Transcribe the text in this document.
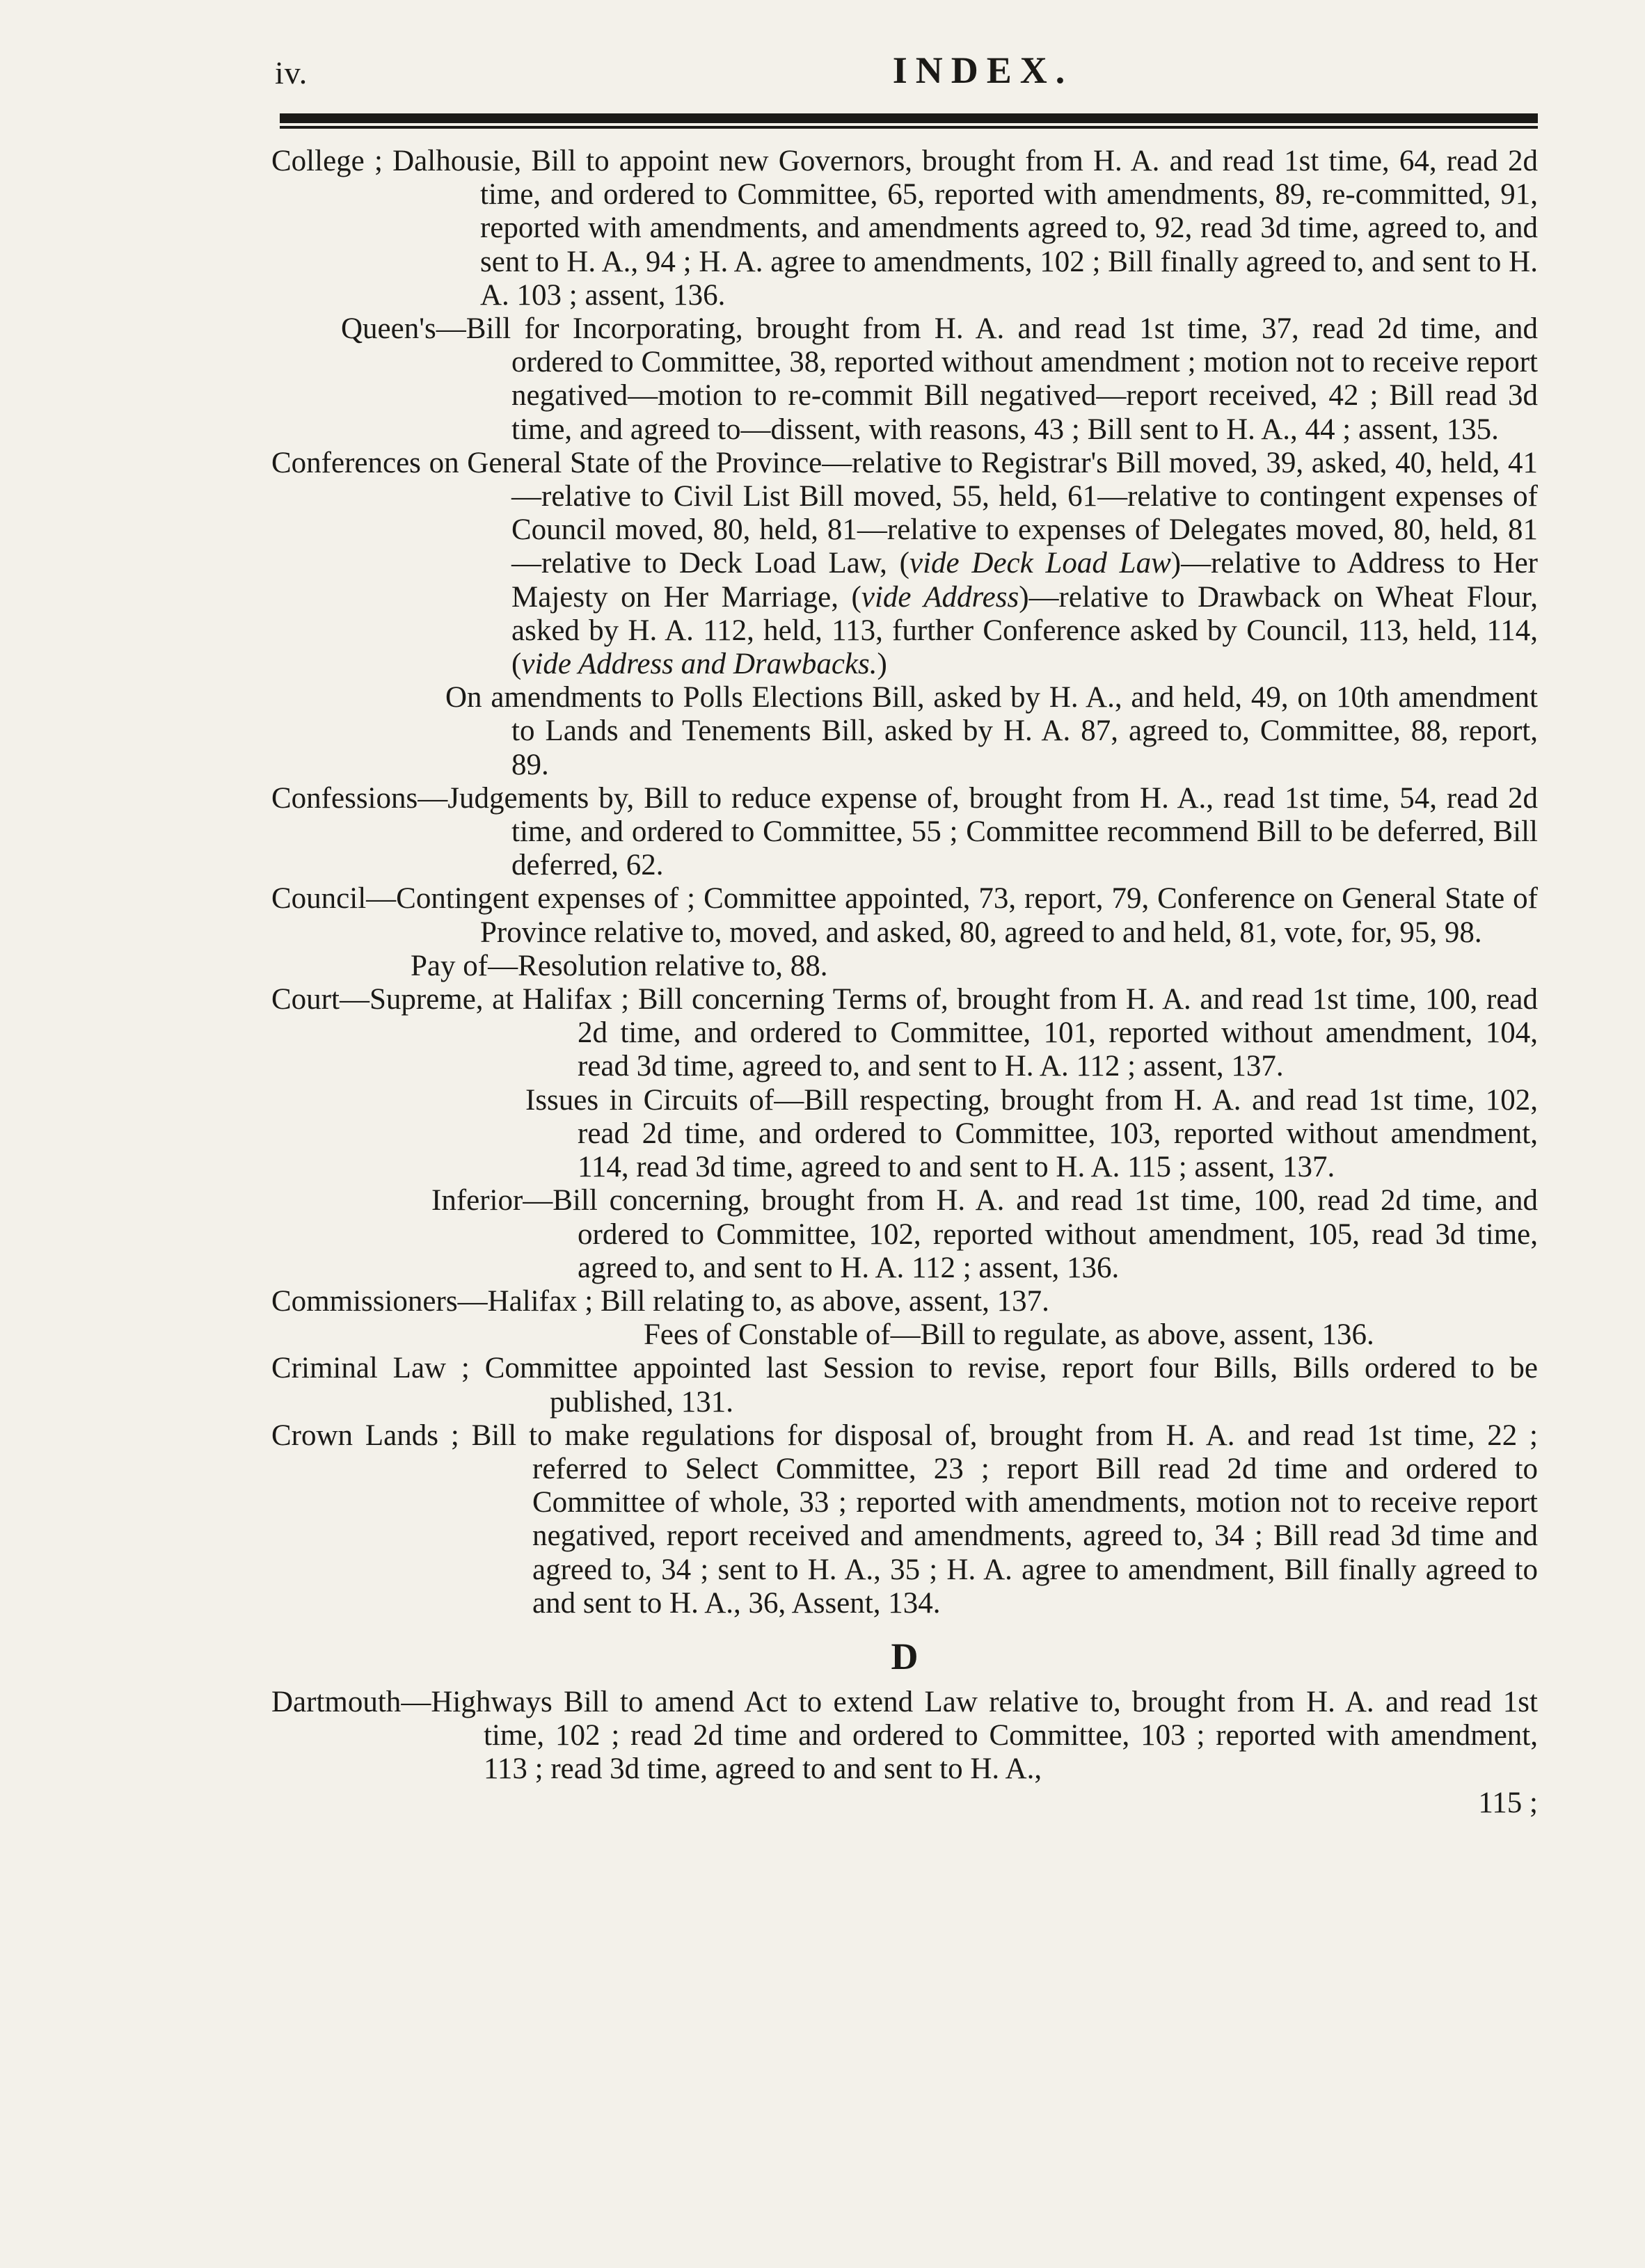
iv.	INDEX.

College ; Dalhousie, Bill to appoint new Governors, brought from H. A. and read 1st time, 64, read 2d time, and ordered to Committee, 65, reported with amendments, 89, re-committed, 91, reported with amendments, and amendments agreed to, 92, read 3d time, agreed to, and sent to H. A., 94 ; H. A. agree to amendments, 102 ; Bill finally agreed to, and sent to H. A. 103 ; assent, 136.

Queen's—Bill for Incorporating, brought from H. A. and read 1st time, 37, read 2d time, and ordered to Committee, 38, reported without amendment ; motion not to receive report negatived—motion to re-commit Bill negatived—report received, 42 ; Bill read 3d time, and agreed to—dissent, with reasons, 43 ; Bill sent to H. A., 44 ; assent, 135.

Conferences on General State of the Province—relative to Registrar's Bill moved, 39, asked, 40, held, 41—relative to Civil List Bill moved, 55, held, 61—relative to contingent expenses of Council moved, 80, held, 81—relative to expenses of Delegates moved, 80, held, 81—relative to Deck Load Law, (vide Deck Load Law)—relative to Address to Her Majesty on Her Marriage, (vide Address)—relative to Drawback on Wheat Flour, asked by H. A. 112, held, 113, further Conference asked by Council, 113, held, 114, (vide Address and Drawbacks.)

On amendments to Polls Elections Bill, asked by H. A., and held, 49, on 10th amendment to Lands and Tenements Bill, asked by H. A. 87, agreed to, Committee, 88, report, 89.

Confessions—Judgements by, Bill to reduce expense of, brought from H. A., read 1st time, 54, read 2d time, and ordered to Committee, 55 ; Committee recommend Bill to be deferred, Bill deferred, 62.

Council—Contingent expenses of ; Committee appointed, 73, report, 79, Conference on General State of Province relative to, moved, and asked, 80, agreed to and held, 81, vote, for, 95, 98.

Pay of—Resolution relative to, 88.

Court—Supreme, at Halifax ; Bill concerning Terms of, brought from H. A. and read 1st time, 100, read 2d time, and ordered to Committee, 101, reported without amendment, 104, read 3d time, agreed to, and sent to H. A. 112 ; assent, 137.

Issues in Circuits of—Bill respecting, brought from H. A. and read 1st time, 102, read 2d time, and ordered to Committee, 103, reported without amendment, 114, read 3d time, agreed to and sent to H. A. 115 ; assent, 137.

Inferior—Bill concerning, brought from H. A. and read 1st time, 100, read 2d time, and ordered to Committee, 102, reported without amendment, 105, read 3d time, agreed to, and sent to H. A. 112 ; assent, 136.

Commissioners—Halifax ; Bill relating to, as above, assent, 137.

Fees of Constable of—Bill to regulate, as above, assent, 136.

Criminal Law ; Committee appointed last Session to revise, report four Bills, Bills ordered to be published, 131.

Crown Lands ; Bill to make regulations for disposal of, brought from H. A. and read 1st time, 22 ; referred to Select Committee, 23 ; report Bill read 2d time and ordered to Committee of whole, 33 ; reported with amendments, motion not to receive report negatived, report received and amendments, agreed to, 34 ; Bill read 3d time and agreed to, 34 ; sent to H. A., 35 ; H. A. agree to amendment, Bill finally agreed to and sent to H. A., 36, Assent, 134.

D

Dartmouth—Highways Bill to amend Act to extend Law relative to, brought from H. A. and read 1st time, 102 ; read 2d time and ordered to Committee, 103 ; reported with amendment, 113 ; read 3d time, agreed to and sent to H. A.,

115 ;
